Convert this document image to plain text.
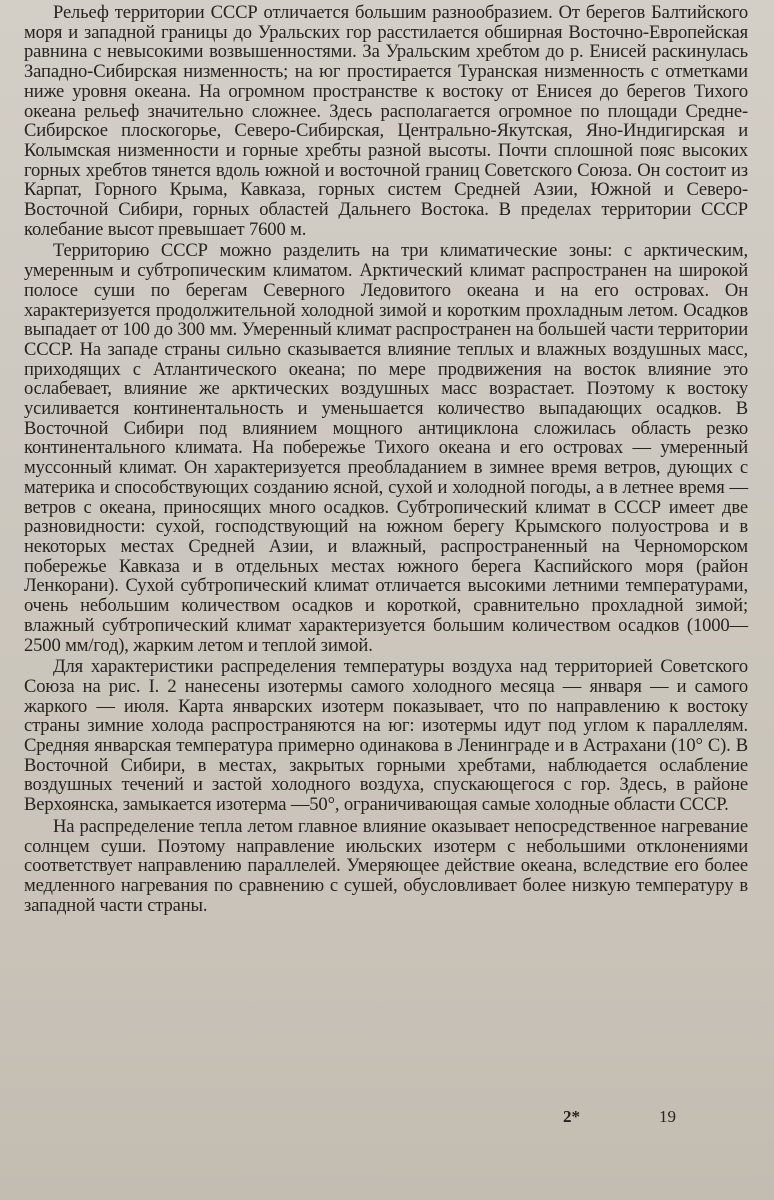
Рельеф территории СССР отличается большим разнообразием. От берегов Балтийского моря и западной границы до Уральских гор расстилается обширная Восточно-Европейская равнина с невысокими возвышенностями. За Уральским хребтом до р. Енисей раскинулась Западно-Сибирская низменность; на юг простирается Туранская низменность с отметками ниже уровня океана. На огромном пространстве к востоку от Енисея до берегов Тихого океана рельеф значительно сложнее. Здесь располагается огромное по площади Средне-Сибирское плоскогорье, Северо-Сибирская, Центрально-Якутская, Яно-Индигирская и Колымская низменности и горные хребты разной высоты. Почти сплошной пояс высоких горных хребтов тянется вдоль южной и восточной границ Советского Союза. Он состоит из Карпат, Горного Крыма, Кавказа, горных систем Средней Азии, Южной и Северо-Восточной Сибири, горных областей Дальнего Востока. В пределах территории СССР колебание высот превышает 7600 м.

Территорию СССР можно разделить на три климатические зоны: с арктическим, умеренным и субтропическим климатом. Арктический климат распространен на широкой полосе суши по берегам Северного Ледовитого океана и на его островах. Он характеризуется продолжительной холодной зимой и коротким прохладным летом. Осадков выпадает от 100 до 300 мм. Умеренный климат распространен на большей части территории СССР. На западе страны сильно сказывается влияние теплых и влажных воздушных масс, приходящих с Атлантического океана; по мере продвижения на восток влияние это ослабевает, влияние же арктических воздушных масс возрастает. Поэтому к востоку усиливается континентальность и уменьшается количество выпадающих осадков. В Восточной Сибири под влиянием мощного антициклона сложилась область резко континентального климата. На побережье Тихого океана и его островах — умеренный муссонный климат. Он характеризуется преобладанием в зимнее время ветров, дующих с материка и способствующих созданию ясной, сухой и холодной погоды, а в летнее время — ветров с океана, приносящих много осадков. Субтропический климат в СССР имеет две разновидности: сухой, господствующий на южном берегу Крымского полуострова и в некоторых местах Средней Азии, и влажный, распространенный на Черноморском побережье Кавказа и в отдельных местах южного берега Каспийского моря (район Ленкорани). Сухой субтропический климат отличается высокими летними температурами, очень небольшим количеством осадков и короткой, сравнительно прохладной зимой; влажный субтропический климат характеризуется большим количеством осадков (1000—2500 мм/год), жарким летом и теплой зимой.

Для характеристики распределения температуры воздуха над территорией Советского Союза на рис. I. 2 нанесены изотермы самого холодного месяца — января — и самого жаркого — июля. Карта январских изотерм показывает, что по направлению к востоку страны зимние холода распространяются на юг: изотермы идут под углом к параллелям. Средняя январская температура примерно одинакова в Ленинграде и в Астрахани (10° С). В Восточной Сибири, в местах, закрытых горными хребтами, наблюдается ослабление воздушных течений и застой холодного воздуха, спускающегося с гор. Здесь, в районе Верхоянска, замыкается изотерма —50°, ограничивающая самые холодные области СССР.

На распределение тепла летом главное влияние оказывает непосредственное нагревание солнцем суши. Поэтому направление июльских изотерм с небольшими отклонениями соответствует направлению параллелей. Умеряющее действие океана, вследствие его более медленного нагревания по сравнению с сушей, обусловливает более низкую температуру в западной части страны.

2*	19
